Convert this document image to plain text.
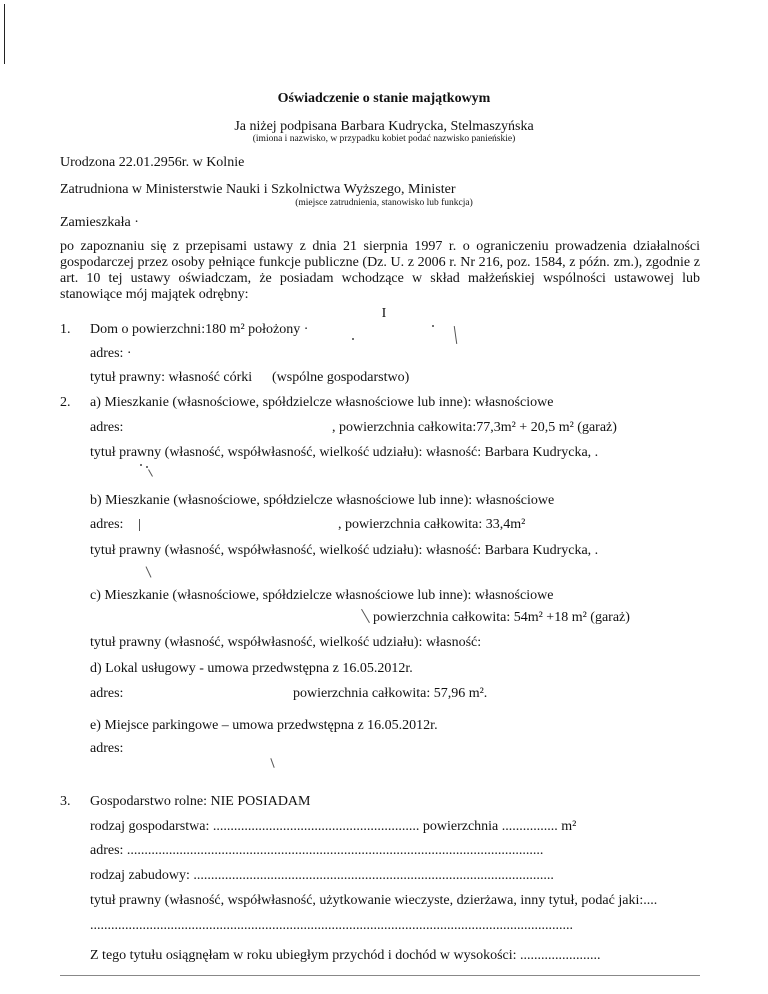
Oświadczenie o stanie majątkowym
Ja niżej podpisana Barbara Kudrycka, Stelmaszyńska
(imiona i nazwisko, w przypadku kobiet podać nazwisko panieńskie)
Urodzona 22.01.2956r. w Kolnie
Zatrudniona w Ministerstwie Nauki i Szkolnictwa Wyższego, Minister
(miejsce zatrudnienia, stanowisko lub funkcja)
Zamieszkała ·
po zapoznaniu się z przepisami ustawy z dnia 21 sierpnia 1997 r. o ograniczeniu prowadzenia działalności gospodarczej przez osoby pełniące funkcje publiczne (Dz. U. z 2006 r. Nr 216, poz. 1584, z późn. zm.), zgodnie z art. 10 tej ustawy oświadczam, że posiadam wchodzące w skład małżeńskiej wspólności ustawowej lub stanowiące mój majątek odrębny:
I
1. Dom o powierzchni:180 m² położony ·
adres: ·
tytuł prawny: własność córki (wspólne gospodarstwo)
2. a) Mieszkanie (własnościowe, spółdzielcze własnościowe lub inne): własnościowe
adres:	, powierzchnia całkowita:77,3m² + 20,5 m² (garaż)
tytuł prawny (własność, współwłasność, wielkość udziału): własność: Barbara Kudrycka, .
b) Mieszkanie (własnościowe, spółdzielcze własnościowe lub inne): własnościowe
adres:	, powierzchnia całkowita: 33,4m²
tytuł prawny (własność, współwłasność, wielkość udziału): własność: Barbara Kudrycka, .
c) Mieszkanie (własnościowe, spółdzielcze własnościowe lub inne): własnościowe
powierzchnia całkowita: 54m² +18 m² (garaż)
tytuł prawny (własność, współwłasność, wielkość udziału): własność:
d) Lokal usługowy - umowa przedwstępna z 16.05.2012r.
adres:	powierzchnia całkowita: 57,96 m².
e) Miejsce parkingowe – umowa przedwstępna z 16.05.2012r.
adres:
3. Gospodarstwo rolne: NIE POSIADAM
rodzaj gospodarstwa: ........................................................... powierzchnia ................ m²
adres: .......................................................................................................................
rodzaj zabudowy: .......................................................................................................
tytuł prawny (własność, współwłasność, użytkowanie wieczyste, dzierżawa, inny tytuł, podać jaki:....
..........................................................................................................................................
Z tego tytułu osiągnęłam w roku ubiegłym przychód i dochód w wysokości: .......................
